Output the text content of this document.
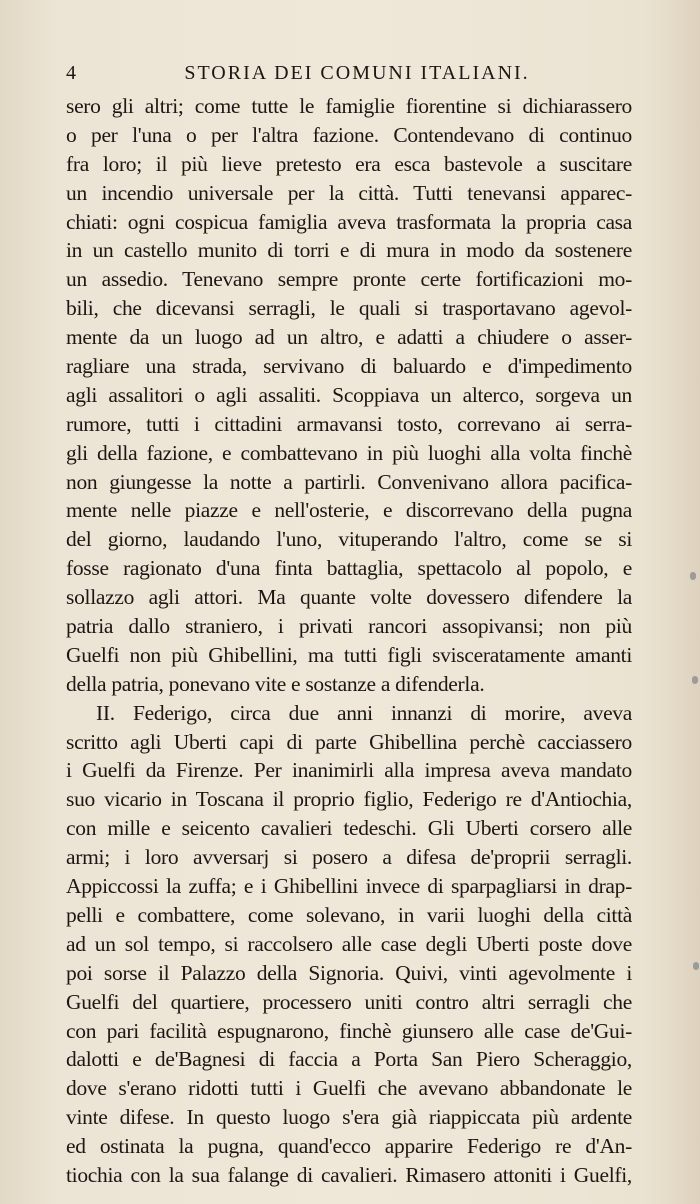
4	STORIA DEI COMUNI ITALIANI.
sero gli altri; come tutte le famiglie fiorentine si dichiarassero
o per l'una o per l'altra fazione. Contendevano di continuo
fra loro; il più lieve pretesto era esca bastevole a suscitare
un incendio universale per la città. Tutti tenevansi apparec-
chiati: ogni cospicua famiglia aveva trasformata la propria casa
in un castello munito di torri e di mura in modo da sostenere
un assedio. Tenevano sempre pronte certe fortificazioni mo-
bili, che dicevansi serragli, le quali si trasportavano agevol-
mente da un luogo ad un altro, e adatti a chiudere o asser-
ragliare una strada, servivano di baluardo e d'impedimento
agli assalitori o agli assaliti. Scoppiava un alterco, sorgeva un
rumore, tutti i cittadini armavansi tosto, correvano ai serra-
gli della fazione, e combattevano in più luoghi alla volta finchè
non giungesse la notte a partirli. Convenivano allora pacifica-
mente nelle piazze e nell'osterie, e discorrevano della pugna
del giorno, laudando l'uno, vituperando l'altro, come se si
fosse ragionato d'una finta battaglia, spettacolo al popolo, e
sollazzo agli attori. Ma quante volte dovessero difendere la
patria dallo straniero, i privati rancori assopivansi; non più
Guelfi non più Ghibellini, ma tutti figli svisceratamente amanti
della patria, ponevano vite e sostanze a difenderla.
II. Federigo, circa due anni innanzi di morire, aveva
scritto agli Uberti capi di parte Ghibellina perchè cacciassero
i Guelfi da Firenze. Per inanimirli alla impresa aveva mandato
suo vicario in Toscana il proprio figlio, Federigo re d'Antiochia,
con mille e seicento cavalieri tedeschi. Gli Uberti corsero alle
armi; i loro avversarj si posero a difesa de'proprii serragli.
Appiccossi la zuffa; e i Ghibellini invece di sparpagliarsi in drap-
pelli e combattere, come solevano, in varii luoghi della città
ad un sol tempo, si raccolsero alle case degli Uberti poste dove
poi sorse il Palazzo della Signoria. Quivi, vinti agevolmente i
Guelfi del quartiere, processero uniti contro altri serragli che
con pari facilità espugnarono, finchè giunsero alle case de'Gui-
dalotti e de'Bagnesi di faccia a Porta San Piero Scheraggio,
dove s'erano ridotti tutti i Guelfi che avevano abbandonate le
vinte difese. In questo luogo s'era già riappiccata più ardente
ed ostinata la pugna, quand'ecco apparire Federigo re d'An-
tiochia con la sua falange di cavalieri. Rimasero attoniti i Guelfi,
